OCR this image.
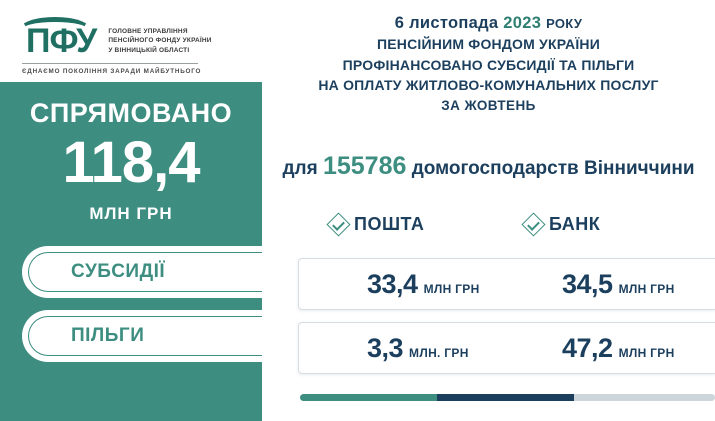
ПФУ ГОЛОВНЕ УПРАВЛІННЯ
ПЕНСІЙНОГО ФОНДУ УКРАЇНИ
У ВІННИЦЬКІЙ ОБЛАСТІ
ЄДНАЄМО ПОКОЛІННЯ ЗАРАДИ МАЙБУТНЬОГО
СПРЯМОВАНО
118,4
МЛН ГРН
СУБСИДІЇ
ПІЛЬГИ
6 листопада 2023 РОКУ
ПЕНСІЙНИМ ФОНДОМ УКРАЇНИ
ПРОФІНАНСОВАНО СУБСИДІЇ ТА ПІЛЬГИ
НА ОПЛАТУ ЖИТЛОВО-КОМУНАЛЬНИХ ПОСЛУГ
ЗА ЖОВТЕНЬ
для 155786 домогосподарств Вінниччини
ПОШТА	БАНК
33,4 МЛН ГРН	34,5 МЛН ГРН
3,3 МЛН. ГРН	47,2 МЛН ГРН
